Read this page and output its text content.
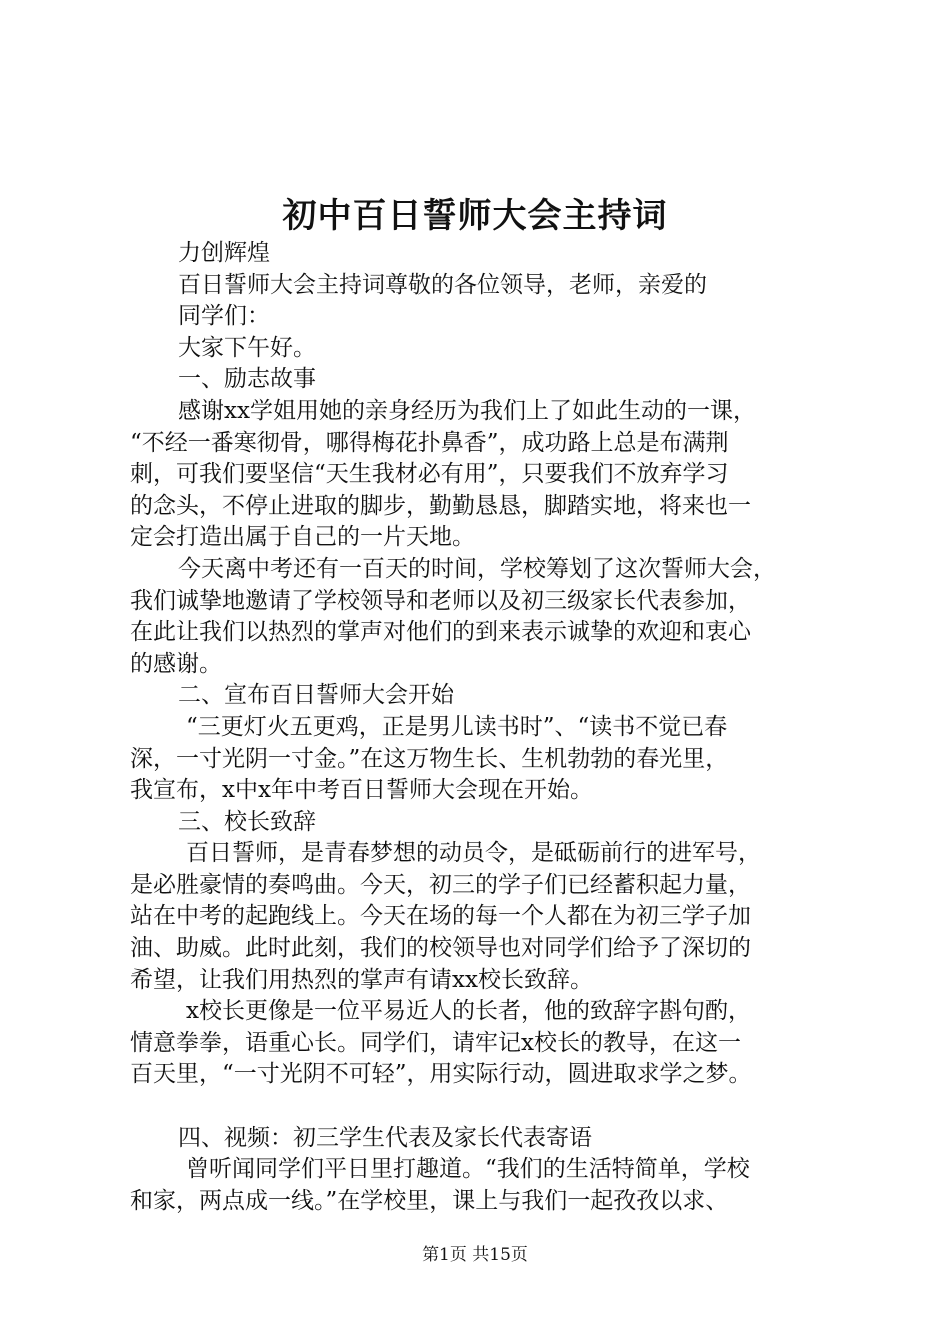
初中百日誓师大会主持词
力创辉煌
百日誓师大会主持词尊敬的各位领导，老师，亲爱的
同学们：
大家下午好。
一、励志故事
感谢xx学姐用她的亲身经历为我们上了如此生动的一课，
“不经一番寒彻骨，哪得梅花扑鼻香”，成功路上总是布满荆
刺，可我们要坚信“天生我材必有用”，只要我们不放弃学习
的念头，不停止进取的脚步，勤勤恳恳，脚踏实地，将来也一
定会打造出属于自己的一片天地。
今天离中考还有一百天的时间，学校筹划了这次誓师大会，
我们诚挚地邀请了学校领导和老师以及初三级家长代表参加，
在此让我们以热烈的掌声对他们的到来表示诚挚的欢迎和衷心
的感谢。
二、宣布百日誓师大会开始
“三更灯火五更鸡，正是男儿读书时”、“读书不觉已春
深，一寸光阴一寸金。”在这万物生长、生机勃勃的春光里，
我宣布，x中x年中考百日誓师大会现在开始。
三、校长致辞
百日誓师，是青春梦想的动员令，是砥砺前行的进军号，
是必胜豪情的奏鸣曲。今天，初三的学子们已经蓄积起力量，
站在中考的起跑线上。今天在场的每一个人都在为初三学子加
油、助威。此时此刻，我们的校领导也对同学们给予了深切的
希望，让我们用热烈的掌声有请xx校长致辞。
x校长更像是一位平易近人的长者，他的致辞字斟句酌，
情意拳拳，语重心长。同学们，请牢记x校长的教导，在这一
百天里，“一寸光阴不可轻”，用实际行动，圆进取求学之梦。
四、视频：初三学生代表及家长代表寄语
曾听闻同学们平日里打趣道。“我们的生活特简单，学校
和家，两点成一线。”在学校里，课上与我们一起孜孜以求、
第1页 共15页
